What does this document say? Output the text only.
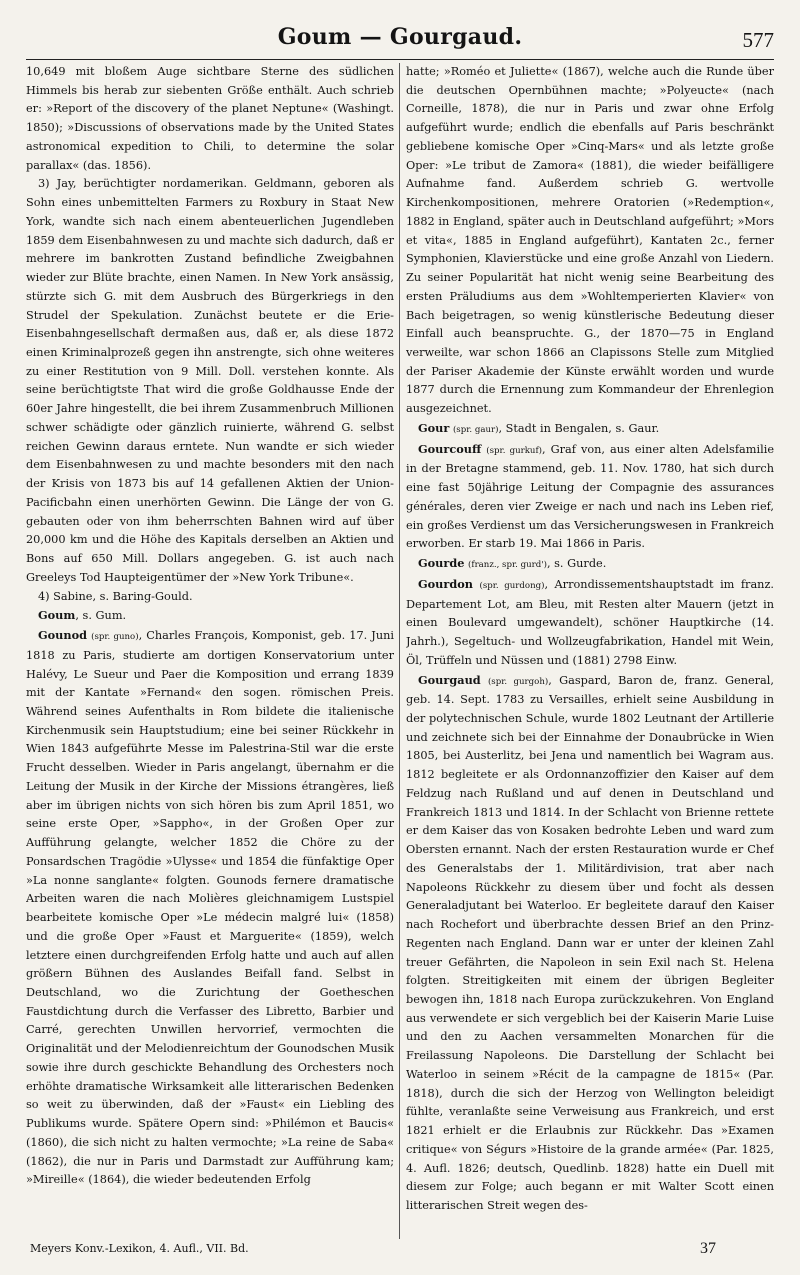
Goum — Gourgaud.	577

10,649 mit bloßem Auge sichtbare Sterne des südlichen Himmels bis herab zur siebenten Größe enthält. Auch schrieb er: »Report of the discovery of the planet Neptune« (Washingt. 1850); »Discussions of observations made by the United States astronomical expedition to Chili, to determine the solar parallax« (das. 1856).

3) Jay, berüchtigter nordamerikan. Geldmann, geboren als Sohn eines unbemittelten Farmers zu Roxbury in Staat New York, wandte sich nach einem abenteuerlichen Jugendleben 1859 dem Eisenbahnwesen zu und machte sich dadurch, daß er mehrere im bankrotten Zustand befindliche Zweigbahnen wieder zur Blüte brachte, einen Namen. In New York ansässig, stürzte sich G. mit dem Ausbruch des Bürgerkriegs in den Strudel der Spekulation. Zunächst beutete er die Erie-Eisenbahngesellschaft dermaßen aus, daß er, als diese 1872 einen Kriminalprozeß gegen ihn anstrengte, sich ohne weiteres zu einer Restitution von 9 Mill. Doll. verstehen konnte. Als seine berüchtigtste That wird die große Goldhausse Ende der 60er Jahre hingestellt, die bei ihrem Zusammenbruch Millionen schwer schädigte oder gänzlich ruinierte, während G. selbst reichen Gewinn daraus erntete. Nun wandte er sich wieder dem Eisenbahnwesen zu und machte besonders mit den nach der Krisis von 1873 bis auf 14 gefallenen Aktien der Union-Pacificbahn einen unerhörten Gewinn. Die Länge der von G. gebauten oder von ihm beherrschten Bahnen wird auf über 20,000 km und die Höhe des Kapitals derselben an Aktien und Bons auf 650 Mill. Dollars angegeben. G. ist auch nach Greeleys Tod Haupteigentümer der »New York Tribune«.

4) Sabine, s. Baring-Gould.

Goum, s. Gum.

Gounod (spr. guno), Charles François, Komponist, geb. 17. Juni 1818 zu Paris, studierte am dortigen Konservatorium unter Halévy, Le Sueur und Paer die Komposition und errang 1839 mit der Kantate »Fernand« den sogen. römischen Preis. Während seines Aufenthalts in Rom bildete die italienische Kirchenmusik sein Hauptstudium; eine bei seiner Rückkehr in Wien 1843 aufgeführte Messe im Palestrina-Stil war die erste Frucht desselben. Wieder in Paris angelangt, übernahm er die Leitung der Musik in der Kirche der Missions étrangères, ließ aber im übrigen nichts von sich hören bis zum April 1851, wo seine erste Oper, »Sappho«, in der Großen Oper zur Aufführung gelangte, welcher 1852 die Chöre zu der Ponsardschen Tragödie »Ulysse« und 1854 die fünfaktige Oper »La nonne sanglante« folgten. Gounods fernere dramatische Arbeiten waren die nach Molières gleichnamigem Lustspiel bearbeitete komische Oper »Le médecin malgré lui« (1858) und die große Oper »Faust et Marguerite« (1859), welch letztere einen durchgreifenden Erfolg hatte und auch auf allen größern Bühnen des Auslandes Beifall fand. Selbst in Deutschland, wo die Zurichtung der Goetheschen Faustdichtung durch die Verfasser des Libretto, Barbier und Carré, gerechten Unwillen hervorrief, vermochten die Originalität und der Melodienreichtum der Gounodschen Musik sowie ihre durch geschickte Behandlung des Orchesters noch erhöhte dramatische Wirksamkeit alle litterarischen Bedenken so weit zu überwinden, daß der »Faust« ein Liebling des Publikums wurde. Spätere Opern sind: »Philémon et Baucis« (1860), die sich nicht zu halten vermochte; »La reine de Saba« (1862), die nur in Paris und Darmstadt zur Aufführung kam; »Mireille« (1864), die wieder bedeutenden Erfolg

hatte; »Roméo et Juliette« (1867), welche auch die Runde über die deutschen Opernbühnen machte; »Polyeucte« (nach Corneille, 1878), die nur in Paris und zwar ohne Erfolg aufgeführt wurde; endlich die ebenfalls auf Paris beschränkt gebliebene komische Oper »Cinq-Mars« und als letzte große Oper: »Le tribut de Zamora« (1881), die wieder beifälligere Aufnahme fand. Außerdem schrieb G. wertvolle Kirchenkompositionen, mehrere Oratorien (»Redemption«, 1882 in England, später auch in Deutschland aufgeführt; »Mors et vita«, 1885 in England aufgeführt), Kantaten 2c., ferner Symphonien, Klavierstücke und eine große Anzahl von Liedern. Zu seiner Popularität hat nicht wenig seine Bearbeitung des ersten Präludiums aus dem »Wohltemperierten Klavier« von Bach beigetragen, so wenig künstlerische Bedeutung dieser Einfall auch beanspruchte. G., der 1870—75 in England verweilte, war schon 1866 an Clapissons Stelle zum Mitglied der Pariser Akademie der Künste erwählt worden und wurde 1877 durch die Ernennung zum Kommandeur der Ehrenlegion ausgezeichnet.

Gour (spr. gaur), Stadt in Bengalen, s. Gaur.

Gourcouff (spr. gurkuf), Graf von, aus einer alten Adelsfamilie in der Bretagne stammend, geb. 11. Nov. 1780, hat sich durch eine fast 50jährige Leitung der Compagnie des assurances générales, deren vier Zweige er nach und nach ins Leben rief, ein großes Verdienst um das Versicherungswesen in Frankreich erworben. Er starb 19. Mai 1866 in Paris.

Gourde (franz., spr. gurd'), s. Gurde.

Gourdon (spr. gurdong), Arrondissementshauptstadt im franz. Departement Lot, am Bleu, mit Resten alter Mauern (jetzt in einen Boulevard umgewandelt), schöner Hauptkirche (14. Jahrh.), Segeltuch- und Wollzeugfabrikation, Handel mit Wein, Öl, Trüffeln und Nüssen und (1881) 2798 Einw.

Gourgaud (spr. gurgoh), Gaspard, Baron de, franz. General, geb. 14. Sept. 1783 zu Versailles, erhielt seine Ausbildung in der polytechnischen Schule, wurde 1802 Leutnant der Artillerie und zeichnete sich bei der Einnahme der Donaubrücke in Wien 1805, bei Austerlitz, bei Jena und namentlich bei Wagram aus. 1812 begleitete er als Ordonnanzoffizier den Kaiser auf dem Feldzug nach Rußland und auf denen in Deutschland und Frankreich 1813 und 1814. In der Schlacht von Brienne rettete er dem Kaiser das von Kosaken bedrohte Leben und ward zum Obersten ernannt. Nach der ersten Restauration wurde er Chef des Generalstabs der 1. Militärdivision, trat aber nach Napoleons Rückkehr zu diesem über und focht als dessen Generaladjutant bei Waterloo. Er begleitete darauf den Kaiser nach Rochefort und überbrachte dessen Brief an den Prinz-Regenten nach England. Dann war er unter der kleinen Zahl treuer Gefährten, die Napoleon in sein Exil nach St. Helena folgten. Streitigkeiten mit einem der übrigen Begleiter bewogen ihn, 1818 nach Europa zurückzukehren. Von England aus verwendete er sich vergeblich bei der Kaiserin Marie Luise und den zu Aachen versammelten Monarchen für die Freilassung Napoleons. Die Darstellung der Schlacht bei Waterloo in seinem »Récit de la campagne de 1815« (Par. 1818), durch die sich der Herzog von Wellington beleidigt fühlte, veranlaßte seine Verweisung aus Frankreich, und erst 1821 erhielt er die Erlaubnis zur Rückkehr. Das »Examen critique« von Ségurs »Histoire de la grande armée« (Par. 1825, 4. Aufl. 1826; deutsch, Quedlinb. 1828) hatte ein Duell mit diesem zur Folge; auch begann er mit Walter Scott einen litterarischen Streit wegen des-

Meyers Konv.-Lexikon, 4. Aufl., VII. Bd.	37
